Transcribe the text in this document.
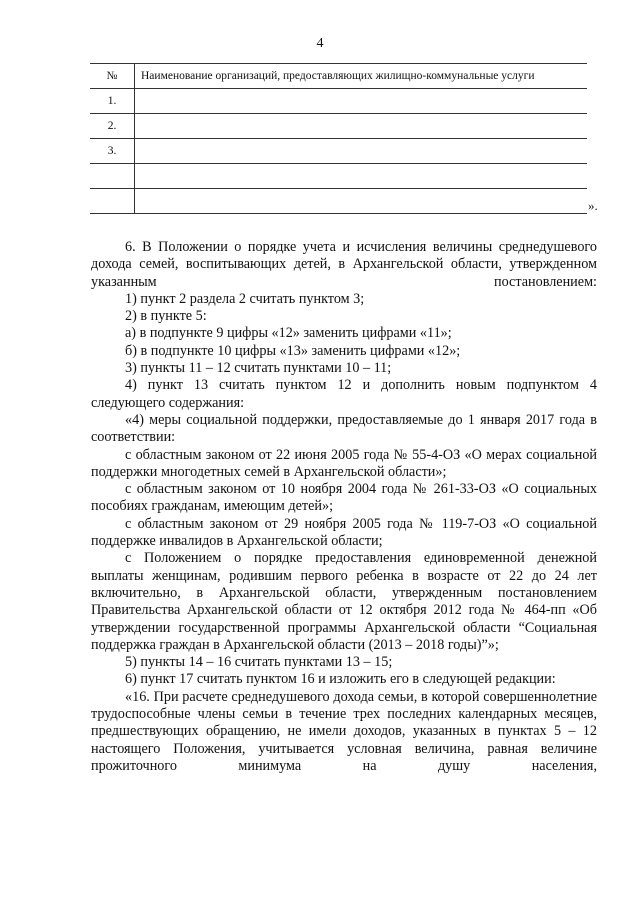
4
№	Наименование организаций, предоставляющих жилищно-коммунальные услуги
1.	
2.	
3.	

».

6. В Положении о порядке учета и исчисления величины среднедушевого дохода семей, воспитывающих детей, в Архангельской области, утвержденном указанным постановлением:

1) пункт 2 раздела 2 считать пунктом 3;

2) в пункте 5:

а) в подпункте 9 цифры «12» заменить цифрами «11»;

б) в подпункте 10 цифры «13» заменить цифрами «12»;

3) пункты 11 – 12 считать пунктами 10 – 11;

4) пункт 13 считать пунктом 12 и дополнить новым подпунктом 4 следующего содержания:

«4) меры социальной поддержки, предоставляемые до 1 января 2017 года в соответствии:

с областным законом от 22 июня 2005 года № 55-4-ОЗ «О мерах социальной поддержки многодетных семей в Архангельской области»;

с областным законом от 10 ноября 2004 года № 261-33-ОЗ «О социальных пособиях гражданам, имеющим детей»;

с областным законом от 29 ноября 2005 года № 119-7-ОЗ «О социальной поддержке инвалидов в Архангельской области;

с Положением о порядке предоставления единовременной денежной выплаты женщинам, родившим первого ребенка в возрасте от 22 до 24 лет включительно, в Архангельской области, утвержденным постановлением Правительства Архангельской области от 12 октября 2012 года № 464-пп «Об утверждении государственной программы Архангельской области “Социальная поддержка граждан в Архангельской области (2013 – 2018 годы)”»;

5) пункты 14 – 16 считать пунктами 13 – 15;

6) пункт 17 считать пунктом 16 и изложить его в следующей редакции:

«16. При расчете среднедушевого дохода семьи, в которой совершеннолетние трудоспособные члены семьи в течение трех последних календарных месяцев, предшествующих обращению, не имели доходов, указанных в пунктах 5 – 12 настоящего Положения, учитывается условная величина, равная величине прожиточного минимума на душу населения,
